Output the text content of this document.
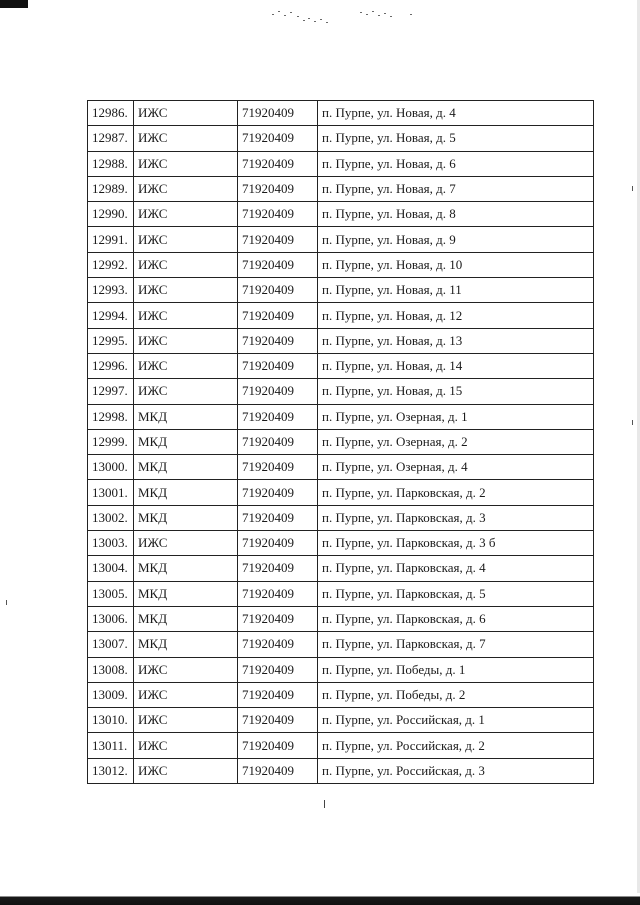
12986.	ИЖС	71920409	п. Пурпе, ул. Новая, д. 4
12987.	ИЖС	71920409	п. Пурпе, ул. Новая, д. 5
12988.	ИЖС	71920409	п. Пурпе, ул. Новая, д. 6
12989.	ИЖС	71920409	п. Пурпе, ул. Новая, д. 7
12990.	ИЖС	71920409	п. Пурпе, ул. Новая, д. 8
12991.	ИЖС	71920409	п. Пурпе, ул. Новая, д. 9
12992.	ИЖС	71920409	п. Пурпе, ул. Новая, д. 10
12993.	ИЖС	71920409	п. Пурпе, ул. Новая, д. 11
12994.	ИЖС	71920409	п. Пурпе, ул. Новая, д. 12
12995.	ИЖС	71920409	п. Пурпе, ул. Новая, д. 13
12996.	ИЖС	71920409	п. Пурпе, ул. Новая, д. 14
12997.	ИЖС	71920409	п. Пурпе, ул. Новая, д. 15
12998.	МКД	71920409	п. Пурпе, ул. Озерная, д. 1
12999.	МКД	71920409	п. Пурпе, ул. Озерная, д. 2
13000.	МКД	71920409	п. Пурпе, ул. Озерная, д. 4
13001.	МКД	71920409	п. Пурпе, ул. Парковская, д. 2
13002.	МКД	71920409	п. Пурпе, ул. Парковская, д. 3
13003.	ИЖС	71920409	п. Пурпе, ул. Парковская, д. 3 б
13004.	МКД	71920409	п. Пурпе, ул. Парковская, д. 4
13005.	МКД	71920409	п. Пурпе, ул. Парковская, д. 5
13006.	МКД	71920409	п. Пурпе, ул. Парковская, д. 6
13007.	МКД	71920409	п. Пурпе, ул. Парковская, д. 7
13008.	ИЖС	71920409	п. Пурпе, ул. Победы, д. 1
13009.	ИЖС	71920409	п. Пурпе, ул. Победы, д. 2
13010.	ИЖС	71920409	п. Пурпе, ул. Российская, д. 1
13011.	ИЖС	71920409	п. Пурпе, ул. Российская, д. 2
13012.	ИЖС	71920409	п. Пурпе, ул. Российская, д. 3
